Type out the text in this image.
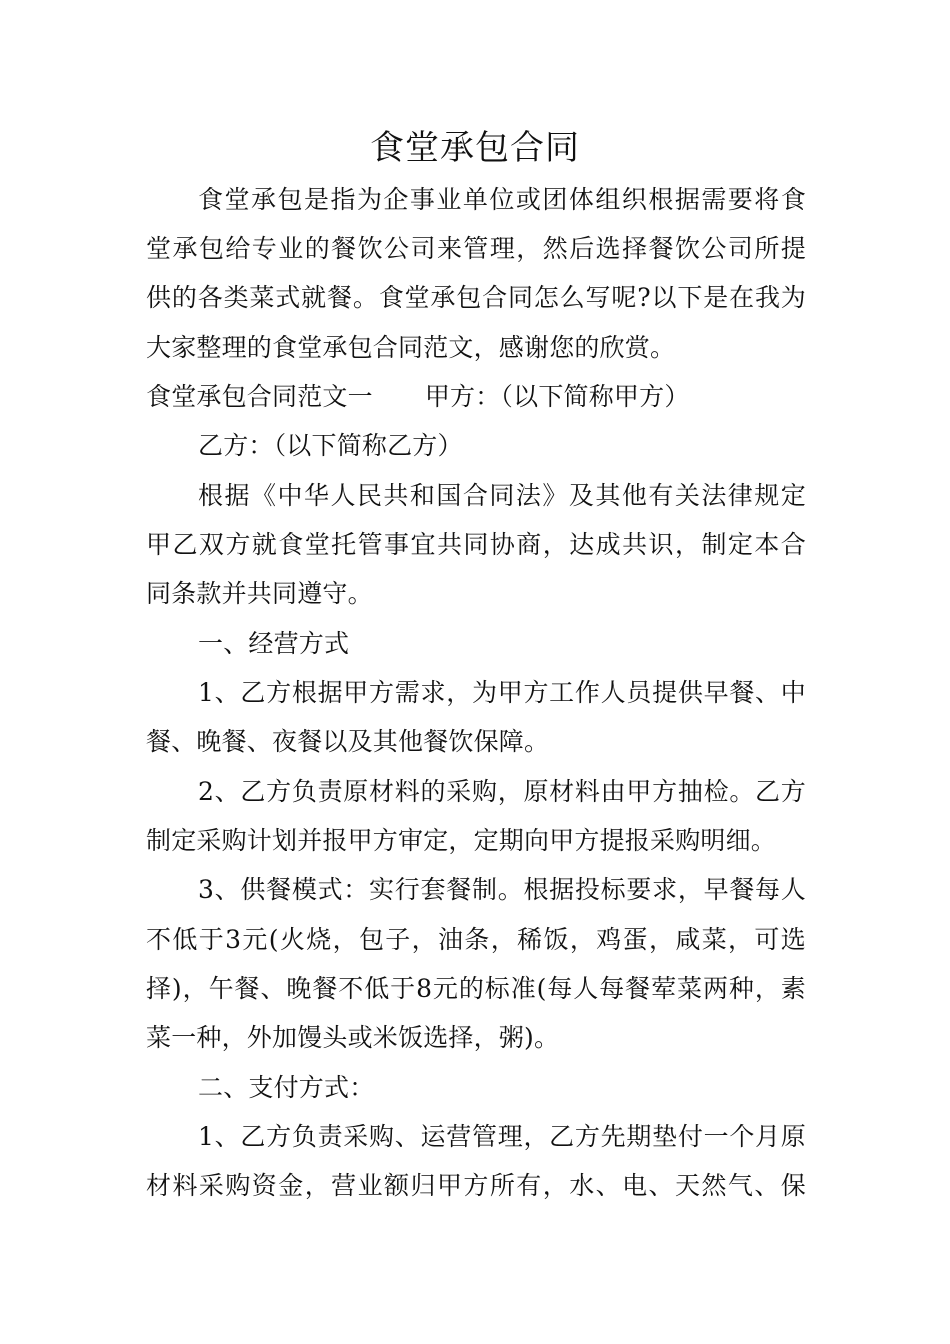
食堂承包合同
食堂承包是指为企事业单位或团体组织根据需要将食
堂承包给专业的餐饮公司来管理，然后选择餐饮公司所提
供的各类菜式就餐。食堂承包合同怎么写呢?以下是在我为
大家整理的食堂承包合同范文，感谢您的欣赏。
食堂承包合同范文一 甲方：（以下简称甲方）
乙方：（以下简称乙方）
根据《中华人民共和国合同法》及其他有关法律规定
甲乙双方就食堂托管事宜共同协商，达成共识，制定本合
同条款并共同遵守。
一、经营方式
1、乙方根据甲方需求，为甲方工作人员提供早餐、中
餐、晚餐、夜餐以及其他餐饮保障。
2、乙方负责原材料的采购，原材料由甲方抽检。乙方
制定采购计划并报甲方审定，定期向甲方提报采购明细。
3、供餐模式：实行套餐制。根据投标要求，早餐每人
不低于3元(火烧，包子，油条，稀饭，鸡蛋，咸菜，可选
择)，午餐、晚餐不低于8元的标准(每人每餐荤菜两种，素
菜一种，外加馒头或米饭选择，粥)。
二、支付方式：
1、乙方负责采购、运营管理，乙方先期垫付一个月原
材料采购资金，营业额归甲方所有，水、电、天然气、保
